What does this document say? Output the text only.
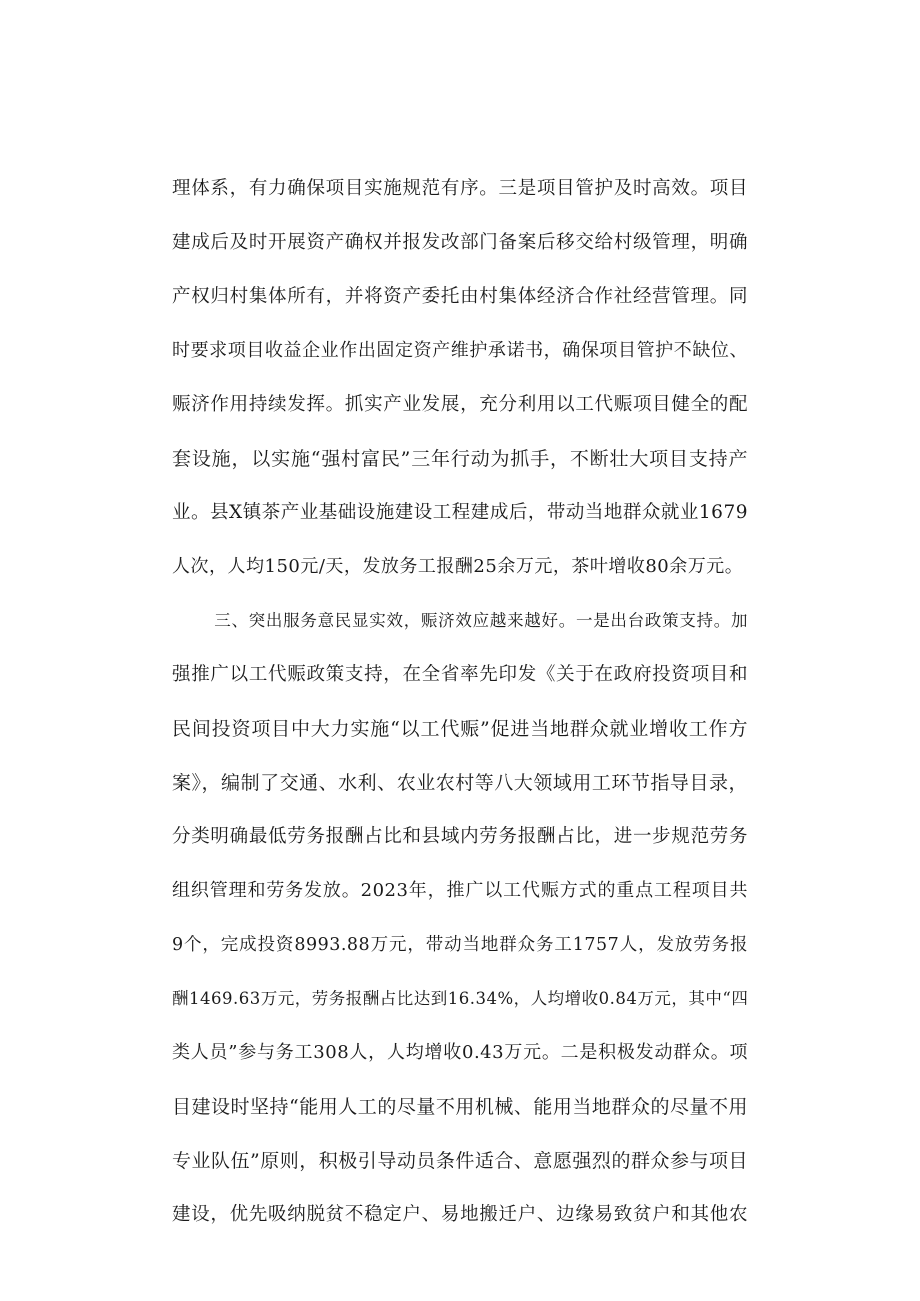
理体系，有力确保项目实施规范有序。三是项目管护及时高效。项目
建成后及时开展资产确权并报发改部门备案后移交给村级管理，明确
产权归村集体所有，并将资产委托由村集体经济合作社经营管理。同
时要求项目收益企业作出固定资产维护承诺书，确保项目管护不缺位、
赈济作用持续发挥。抓实产业发展，充分利用以工代赈项目健全的配
套设施，以实施“强村富民”三年行动为抓手，不断壮大项目支持产
业。县X镇茶产业基础设施建设工程建成后，带动当地群众就业1679
人次，人均150元/天，发放务工报酬25余万元，茶叶增收80余万元。
三、突出服务意民显实效，赈济效应越来越好。一是出台政策支持。加
强推广以工代赈政策支持，在全省率先印发《关于在政府投资项目和
民间投资项目中大力实施“以工代赈”促进当地群众就业增收工作方
案》，编制了交通、水利、农业农村等八大领域用工环节指导目录，
分类明确最低劳务报酬占比和县域内劳务报酬占比，进一步规范劳务
组织管理和劳务发放。2023年，推广以工代赈方式的重点工程项目共
9个，完成投资8993.88万元，带动当地群众务工1757人，发放劳务报
酬1469.63万元，劳务报酬占比达到16.34%，人均增收0.84万元，其中“四
类人员”参与务工308人，人均增收0.43万元。二是积极发动群众。项
目建设时坚持“能用人工的尽量不用机械、能用当地群众的尽量不用
专业队伍”原则，积极引导动员条件适合、意愿强烈的群众参与项目
建设，优先吸纳脱贫不稳定户、易地搬迁户、边缘易致贫户和其他农
